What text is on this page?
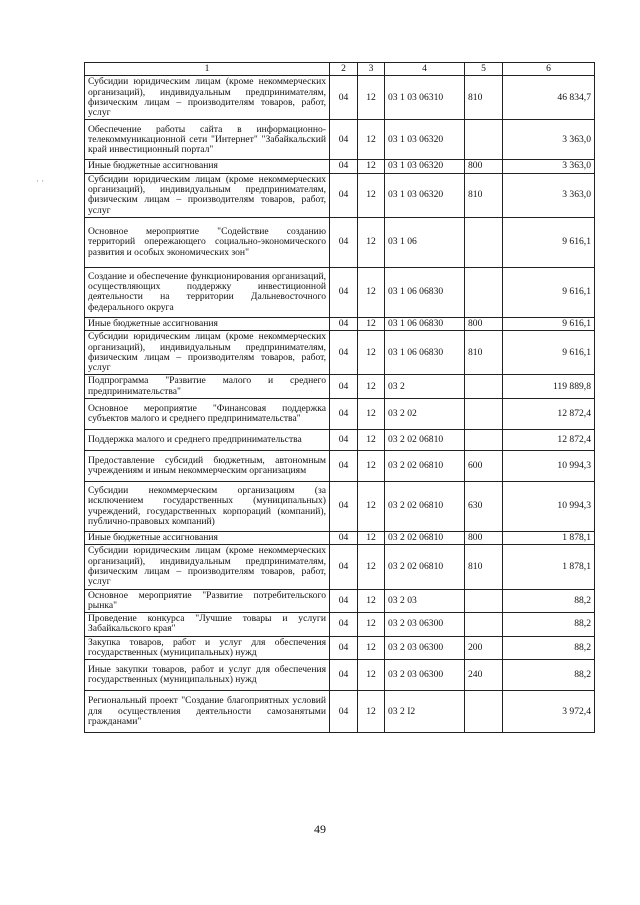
1	2	3	4	5	6
Субсидии юридическим лицам (кроме некоммерческих организаций), индивидуальным предпринимателям, физическим лицам – производителям товаров, работ, услуг	04	12	03 1 03 06310	810	46 834,7
Обеспечение работы сайта в информационно-телекоммуникационной сети "Интернет" "Забайкальский край инвестиционный портал"	04	12	03 1 03 06320		3 363,0
Иные бюджетные ассигнования	04	12	03 1 03 06320	800	3 363,0
Субсидии юридическим лицам (кроме некоммерческих организаций), индивидуальным предпринимателям, физическим лицам – производителям товаров, работ, услуг	04	12	03 1 03 06320	810	3 363,0
Основное мероприятие "Содействие созданию территорий опережающего социально-экономического развития и особых экономических зон"	04	12	03 1 06		9 616,1
Создание и обеспечение функционирования организаций, осуществляющих поддержку инвестиционной деятельности на территории Дальневосточного федерального округа	04	12	03 1 06 06830		9 616,1
Иные бюджетные ассигнования	04	12	03 1 06 06830	800	9 616,1
Субсидии юридическим лицам (кроме некоммерческих организаций), индивидуальным предпринимателям, физическим лицам – производителям товаров, работ, услуг	04	12	03 1 06 06830	810	9 616,1
Подпрограмма "Развитие малого и среднего предпринимательства"	04	12	03 2		119 889,8
Основное мероприятие "Финансовая поддержка субъектов малого и среднего предпринимательства"	04	12	03 2 02		12 872,4
Поддержка малого и среднего предпринимательства	04	12	03 2 02 06810		12 872,4
Предоставление субсидий бюджетным, автономным учреждениям и иным некоммерческим организациям	04	12	03 2 02 06810	600	10 994,3
Субсидии некоммерческим организациям (за исключением государственных (муниципальных) учреждений, государственных корпораций (компаний), публично-правовых компаний)	04	12	03 2 02 06810	630	10 994,3
Иные бюджетные ассигнования	04	12	03 2 02 06810	800	1 878,1
Субсидии юридическим лицам (кроме некоммерческих организаций), индивидуальным предпринимателям, физическим лицам – производителям товаров, работ, услуг	04	12	03 2 02 06810	810	1 878,1
Основное мероприятие "Развитие потребительского рынка"	04	12	03 2 03		88,2
Проведение конкурса "Лучшие товары и услуги Забайкальского края"	04	12	03 2 03 06300		88,2
Закупка товаров, работ и услуг для обеспечения государственных (муниципальных) нужд	04	12	03 2 03 06300	200	88,2
Иные закупки товаров, работ и услуг для обеспечения государственных (муниципальных) нужд	04	12	03 2 03 06300	240	88,2
Региональный проект "Создание благоприятных условий для осуществления деятельности самозанятыми гражданами"	04	12	03 2 I2		3 972,4
49
· ·
